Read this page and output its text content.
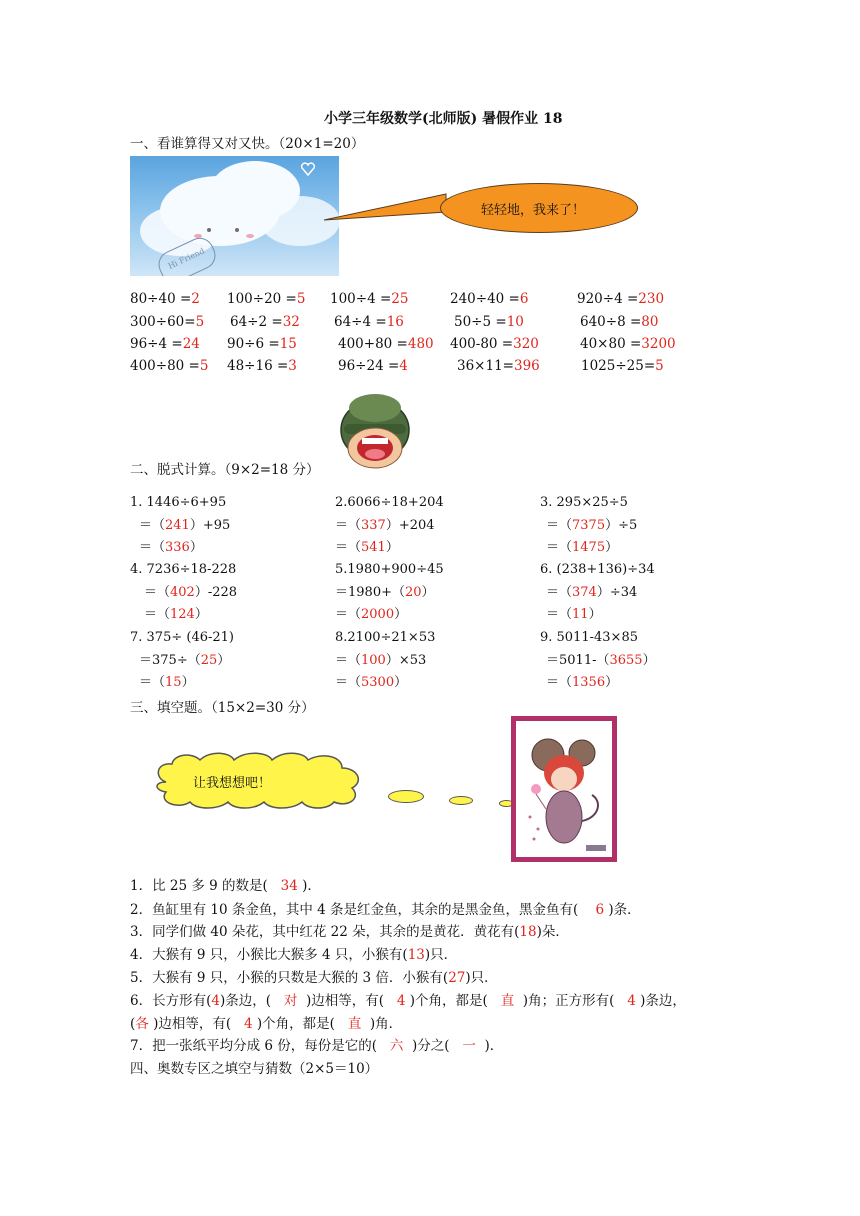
小学三年级数学(北师版) 暑假作业 18
一、看谁算得又对又快。（20×1=20）
Hi Friend
轻轻地，我来了！
80÷40 =2 100÷20 =5 100÷4 =25	240÷40 =6	920÷4 =230
300÷60=5 64÷2 =32	64÷4 =16	50÷5 =10	640÷8 =80
96÷4 =24 90÷6 =15	400+80 =480 400-80 =320	40×80 =3200
400÷80 =5 48÷16 =3	96÷24 =4	36×11=396	1025÷25=5
二、脱式计算。（9×2=18 分）
1. 1446÷6+95
＝（241）+95
＝（336）
2.6066÷18+204
＝（337）+204
＝（541）
3. 295×25÷5
＝（7375）÷5
＝（1475）
4. 7236÷18-228
＝（402）-228
＝（124）
5.1980+900÷45
＝1980+（20）
＝（2000）
6. (238+136)÷34
＝（374）÷34
＝（11）
7. 375÷ (46-21)
＝375÷（25）
＝（15）
8.2100÷21×53
＝（100）×53
＝（5300）
9. 5011-43×85
＝5011-（3655）
＝（1356）
三、填空题。（15×2=30 分）
让我想想吧！
1．比 25 多 9 的数是( 34 )．
2．鱼缸里有 10 条金鱼，其中 4 条是红金鱼，其余的是黑金鱼，黑金鱼有( 6 )条．
3．同学们做 40 朵花，其中红花 22 朵，其余的是黄花．黄花有(18)朵．
4．大猴有 9 只，小猴比大猴多 4 只，小猴有(13)只．
5．大猴有 9 只，小猴的只数是大猴的 3 倍．小猴有(27)只．
6．长方形有(4)条边，( 对 )边相等，有( 4 )个角，都是( 直 )角；正方形有( 4 )条边，
(各 )边相等，有( 4 )个角，都是( 直 )角．
7．把一张纸平均分成 6 份，每份是它的( 六 )分之( 一 )．
四、奥数专区之填空与猜数（2×5＝10）
